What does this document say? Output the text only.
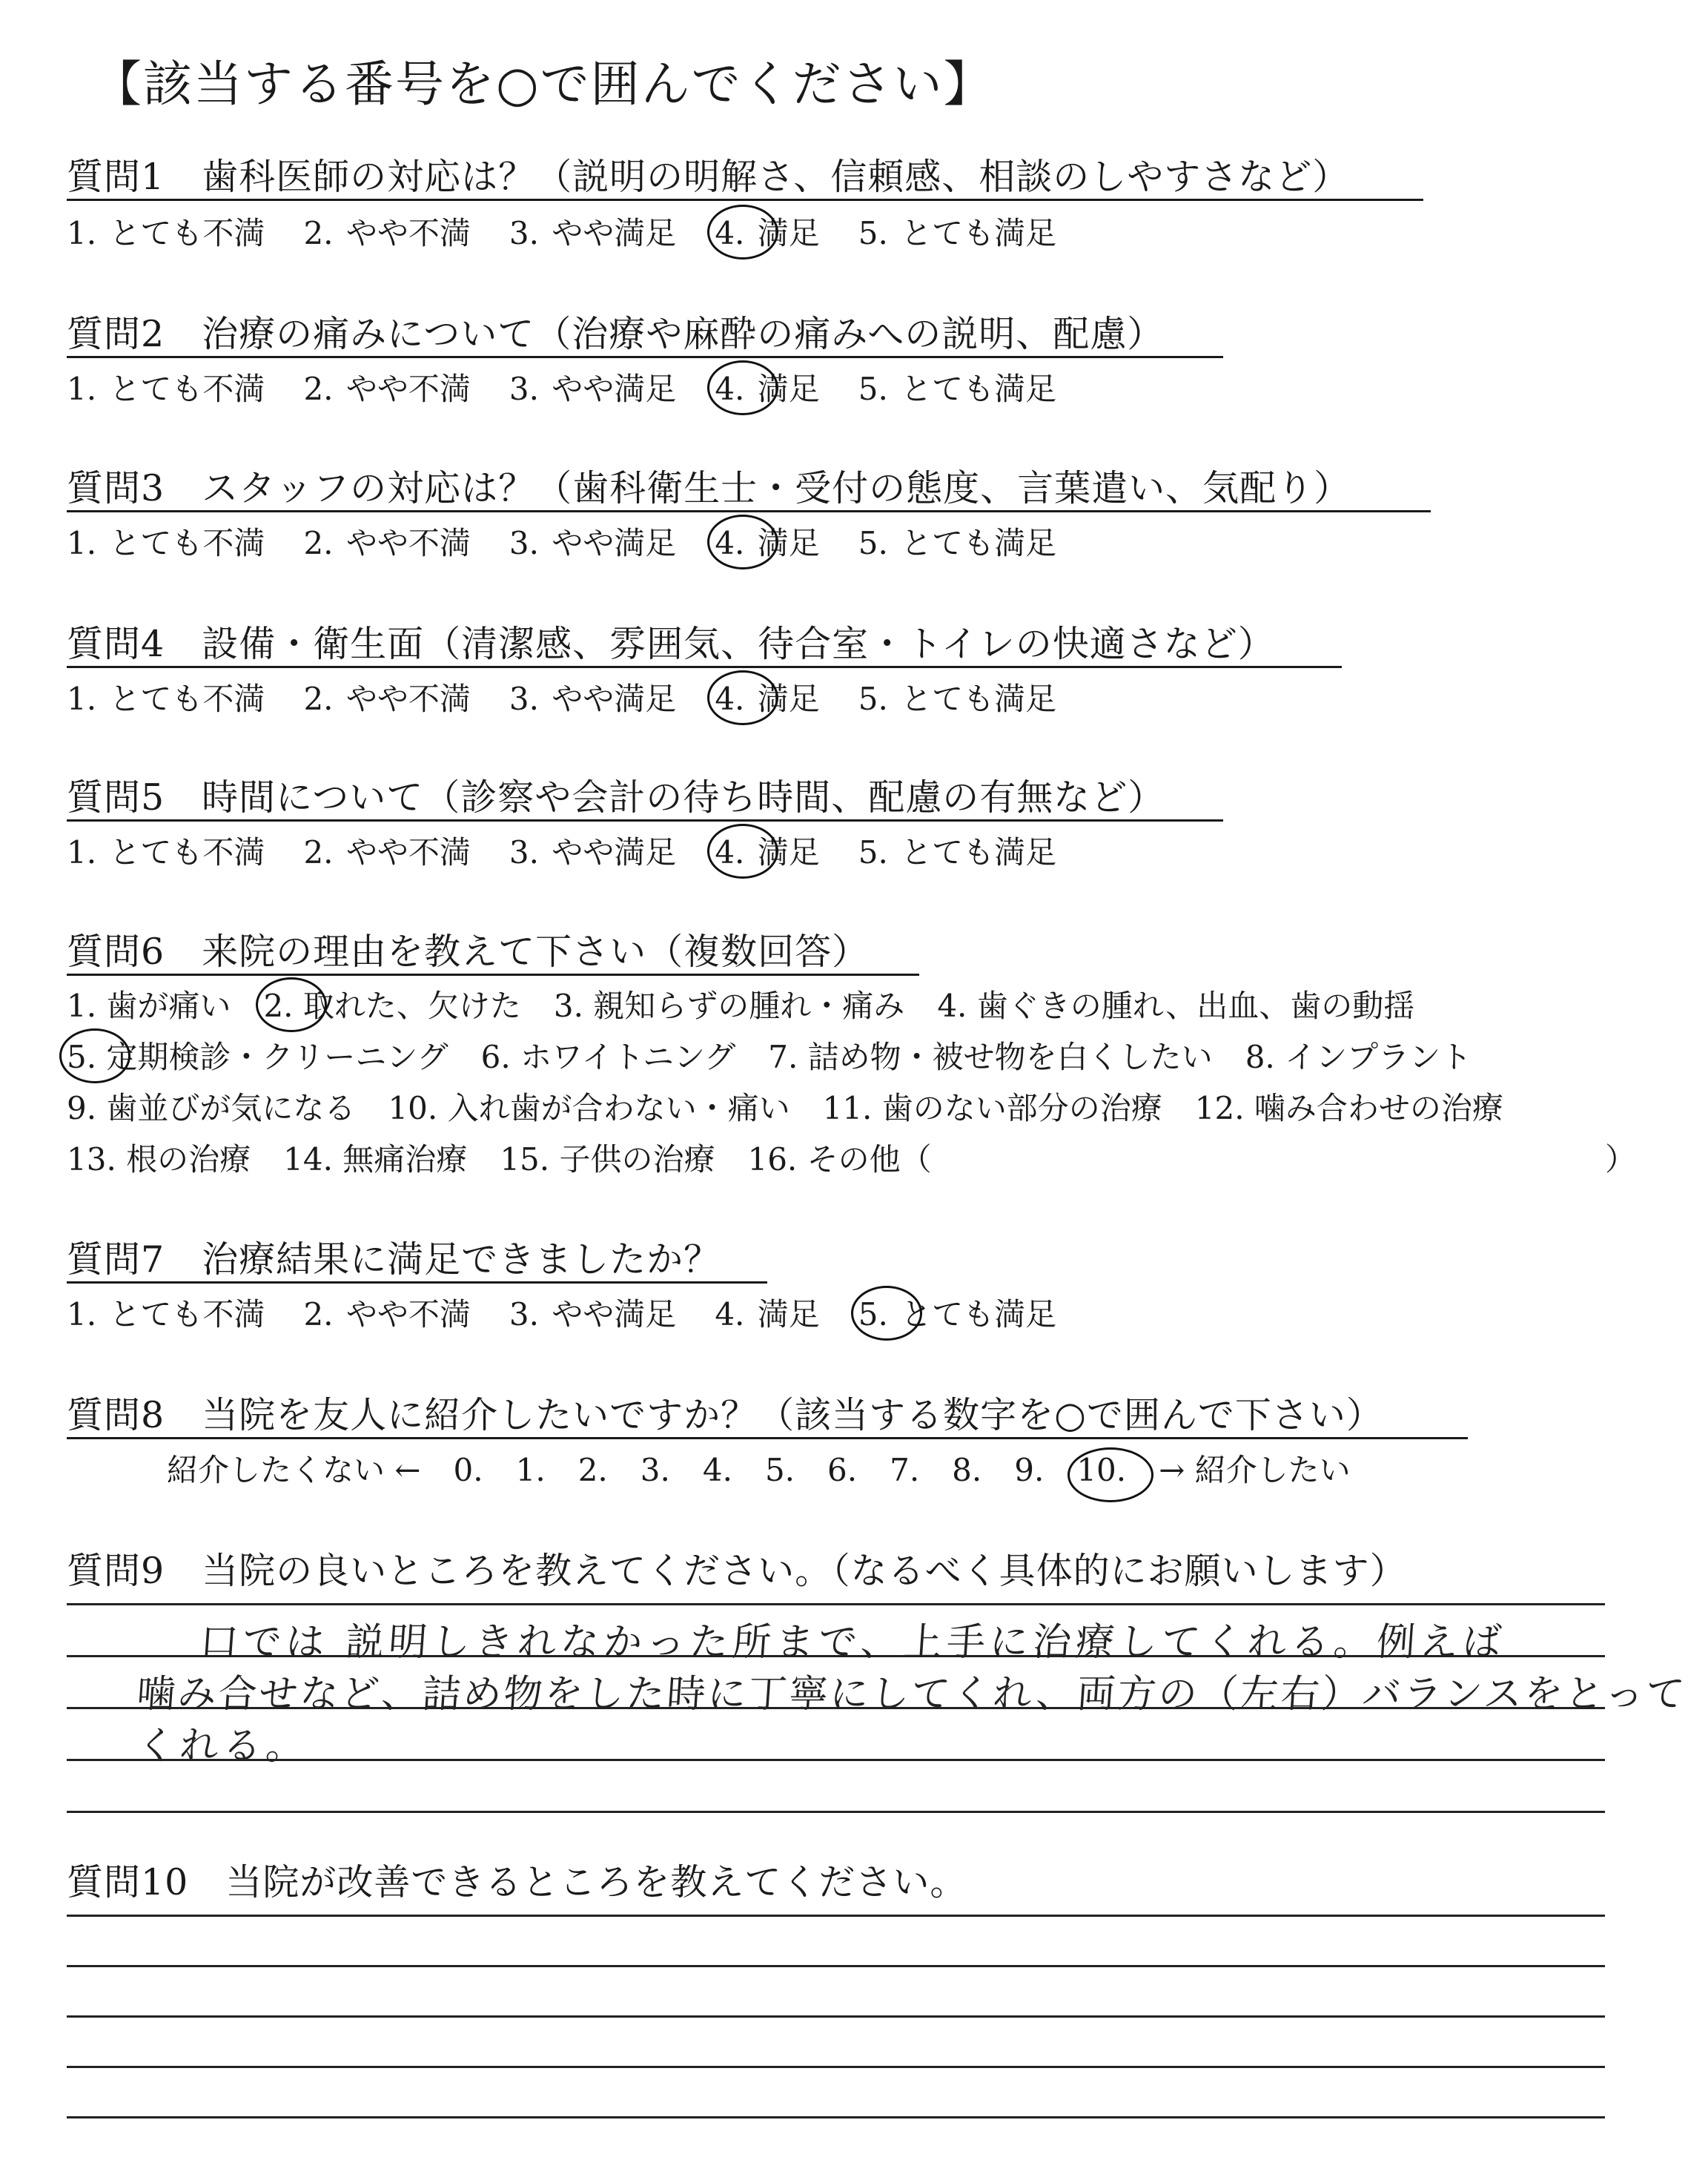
【該当する番号を○で囲んでください】
質問1　歯科医師の対応は？（説明の明解さ、信頼感、相談のしやすさなど）
1. とても不満 2. やや不満 3. やや満足 4. 満足 5. とても満足
質問2　治療の痛みについて（治療や麻酔の痛みへの説明、配慮）
1. とても不満 2. やや不満 3. やや満足 4. 満足 5. とても満足
質問3　スタッフの対応は？（歯科衛生士・受付の態度、言葉遣い、気配り）
1. とても不満 2. やや不満 3. やや満足 4. 満足 5. とても満足
質問4　設備・衛生面（清潔感、雰囲気、待合室・トイレの快適さなど）
1. とても不満 2. やや不満 3. やや満足 4. 満足 5. とても満足
質問5　時間について（診察や会計の待ち時間、配慮の有無など）
1. とても不満 2. やや不満 3. やや満足 4. 満足 5. とても満足
質問6　来院の理由を教えて下さい（複数回答）
1. 歯が痛い 2. 取れた、欠けた 3. 親知らずの腫れ・痛み 4. 歯ぐきの腫れ、出血、歯の動揺
5. 定期検診・クリーニング 6. ホワイトニング 7. 詰め物・被せ物を白くしたい 8. インプラント
9. 歯並びが気になる 10. 入れ歯が合わない・痛い 11. 歯のない部分の治療 12. 噛み合わせの治療
13. 根の治療 14. 無痛治療 15. 子供の治療 16. その他（	）
質問7　治療結果に満足できましたか？
1. とても不満 2. やや不満 3. やや満足 4. 満足 5. とても満足
質問8　当院を友人に紹介したいですか？（該当する数字を○で囲んで下さい）
紹介したくない ← 0. 1. 2. 3. 4. 5. 6. 7. 8. 9. 10. → 紹介したい
質問9　当院の良いところを教えてください。（なるべく具体的にお願いします）
口では 説明しきれなかった所まで、上手に治療してくれる。例えば
噛み合せなど、詰め物をした時に丁寧にしてくれ、両方の（左右）バランスをとって
くれる。
質問10　当院が改善できるところを教えてください。
